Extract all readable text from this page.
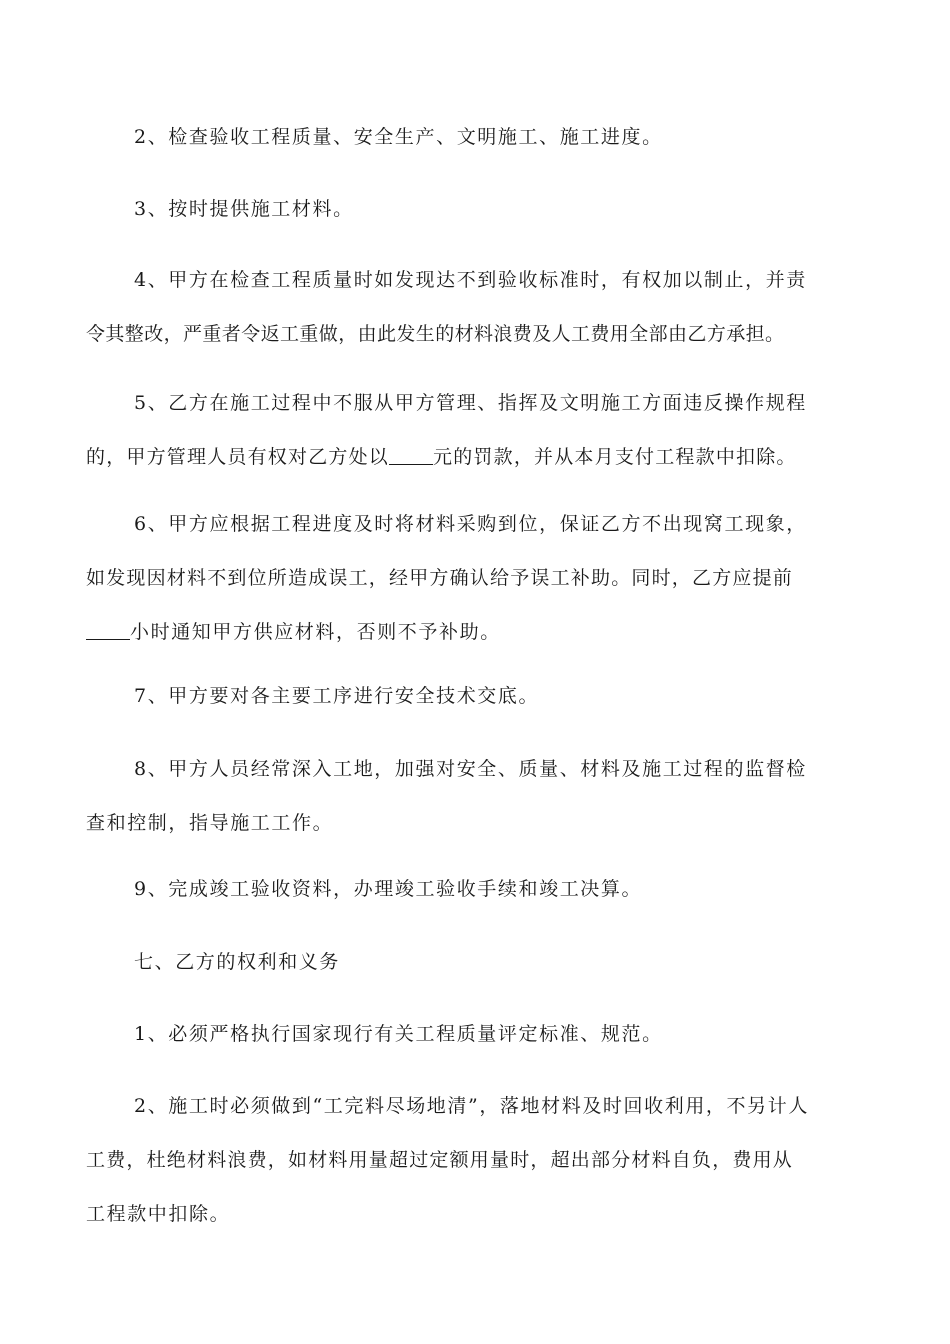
2、检查验收工程质量、安全生产、文明施工、施工进度。

3、按时提供施工材料。

4、甲方在检查工程质量时如发现达不到验收标准时，有权加以制止，并责
令其整改，严重者令返工重做，由此发生的材料浪费及人工费用全部由乙方承担。

5、乙方在施工过程中不服从甲方管理、指挥及文明施工方面违反操作规程
的，甲方管理人员有权对乙方处以 元的罚款，并从本月支付工程款中扣除。

6、甲方应根据工程进度及时将材料采购到位，保证乙方不出现窝工现象，
如发现因材料不到位所造成误工，经甲方确认给予误工补助。同时，乙方应提前
小时通知甲方供应材料，否则不予补助。

7、甲方要对各主要工序进行安全技术交底。

8、甲方人员经常深入工地，加强对安全、质量、材料及施工过程的监督检
查和控制，指导施工工作。

9、完成竣工验收资料，办理竣工验收手续和竣工决算。

七、乙方的权利和义务

1、必须严格执行国家现行有关工程质量评定标准、规范。

2、施工时必须做到“工完料尽场地清”，落地材料及时回收利用，不另计人
工费，杜绝材料浪费，如材料用量超过定额用量时，超出部分材料自负，费用从
工程款中扣除。
